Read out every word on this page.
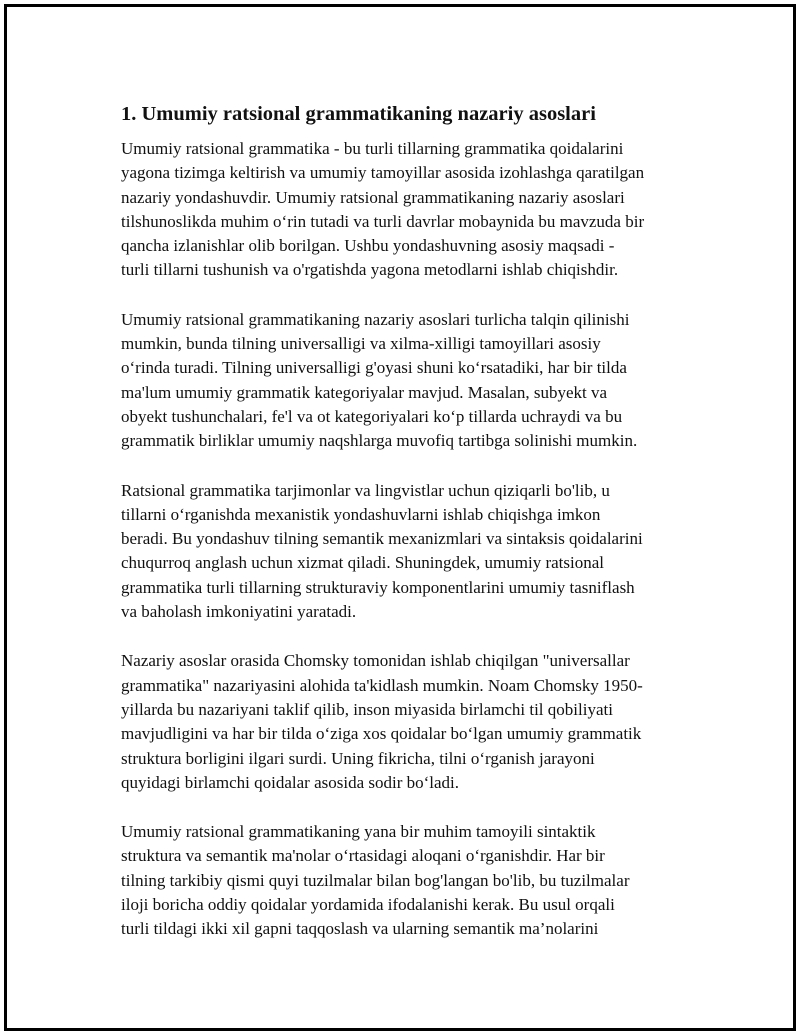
1. Umumiy ratsional grammatikaning nazariy asoslari

Umumiy ratsional grammatika - bu turli tillarning grammatika qoidalarini
yagona tizimga keltirish va umumiy tamoyillar asosida izohlashga qaratilgan
nazariy yondashuvdir. Umumiy ratsional grammatikaning nazariy asoslari
tilshunoslikda muhim o‘rin tutadi va turli davrlar mobaynida bu mavzuda bir
qancha izlanishlar olib borilgan. Ushbu yondashuvning asosiy maqsadi -
turli tillarni tushunish va o'rgatishda yagona metodlarni ishlab chiqishdir.

Umumiy ratsional grammatikaning nazariy asoslari turlicha talqin qilinishi
mumkin, bunda tilning universalligi va xilma-xilligi tamoyillari asosiy
o‘rinda turadi. Tilning universalligi g'oyasi shuni ko‘rsatadiki, har bir tilda
ma'lum umumiy grammatik kategoriyalar mavjud. Masalan, subyekt va
obyekt tushunchalari, fe'l va ot kategoriyalari ko‘p tillarda uchraydi va bu
grammatik birliklar umumiy naqshlarga muvofiq tartibga solinishi mumkin.

Ratsional grammatika tarjimonlar va lingvistlar uchun qiziqarli bo'lib, u
tillarni o‘rganishda mexanistik yondashuvlarni ishlab chiqishga imkon
beradi. Bu yondashuv tilning semantik mexanizmlari va sintaksis qoidalarini
chuqurroq anglash uchun xizmat qiladi. Shuningdek, umumiy ratsional
grammatika turli tillarning strukturaviy komponentlarini umumiy tasniflash
va baholash imkoniyatini yaratadi.

Nazariy asoslar orasida Chomsky tomonidan ishlab chiqilgan "universallar
grammatika" nazariyasini alohida ta'kidlash mumkin. Noam Chomsky 1950-
yillarda bu nazariyani taklif qilib, inson miyasida birlamchi til qobiliyati
mavjudligini va har bir tilda o‘ziga xos qoidalar bo‘lgan umumiy grammatik
struktura borligini ilgari surdi. Uning fikricha, tilni o‘rganish jarayoni
quyidagi birlamchi qoidalar asosida sodir bo‘ladi.

Umumiy ratsional grammatikaning yana bir muhim tamoyili sintaktik
struktura va semantik ma'nolar o‘rtasidagi aloqani o‘rganishdir. Har bir
tilning tarkibiy qismi quyi tuzilmalar bilan bog'langan bo'lib, bu tuzilmalar
iloji boricha oddiy qoidalar yordamida ifodalanishi kerak. Bu usul orqali
turli tildagi ikki xil gapni taqqoslash va ularning semantik ma’nolarini
